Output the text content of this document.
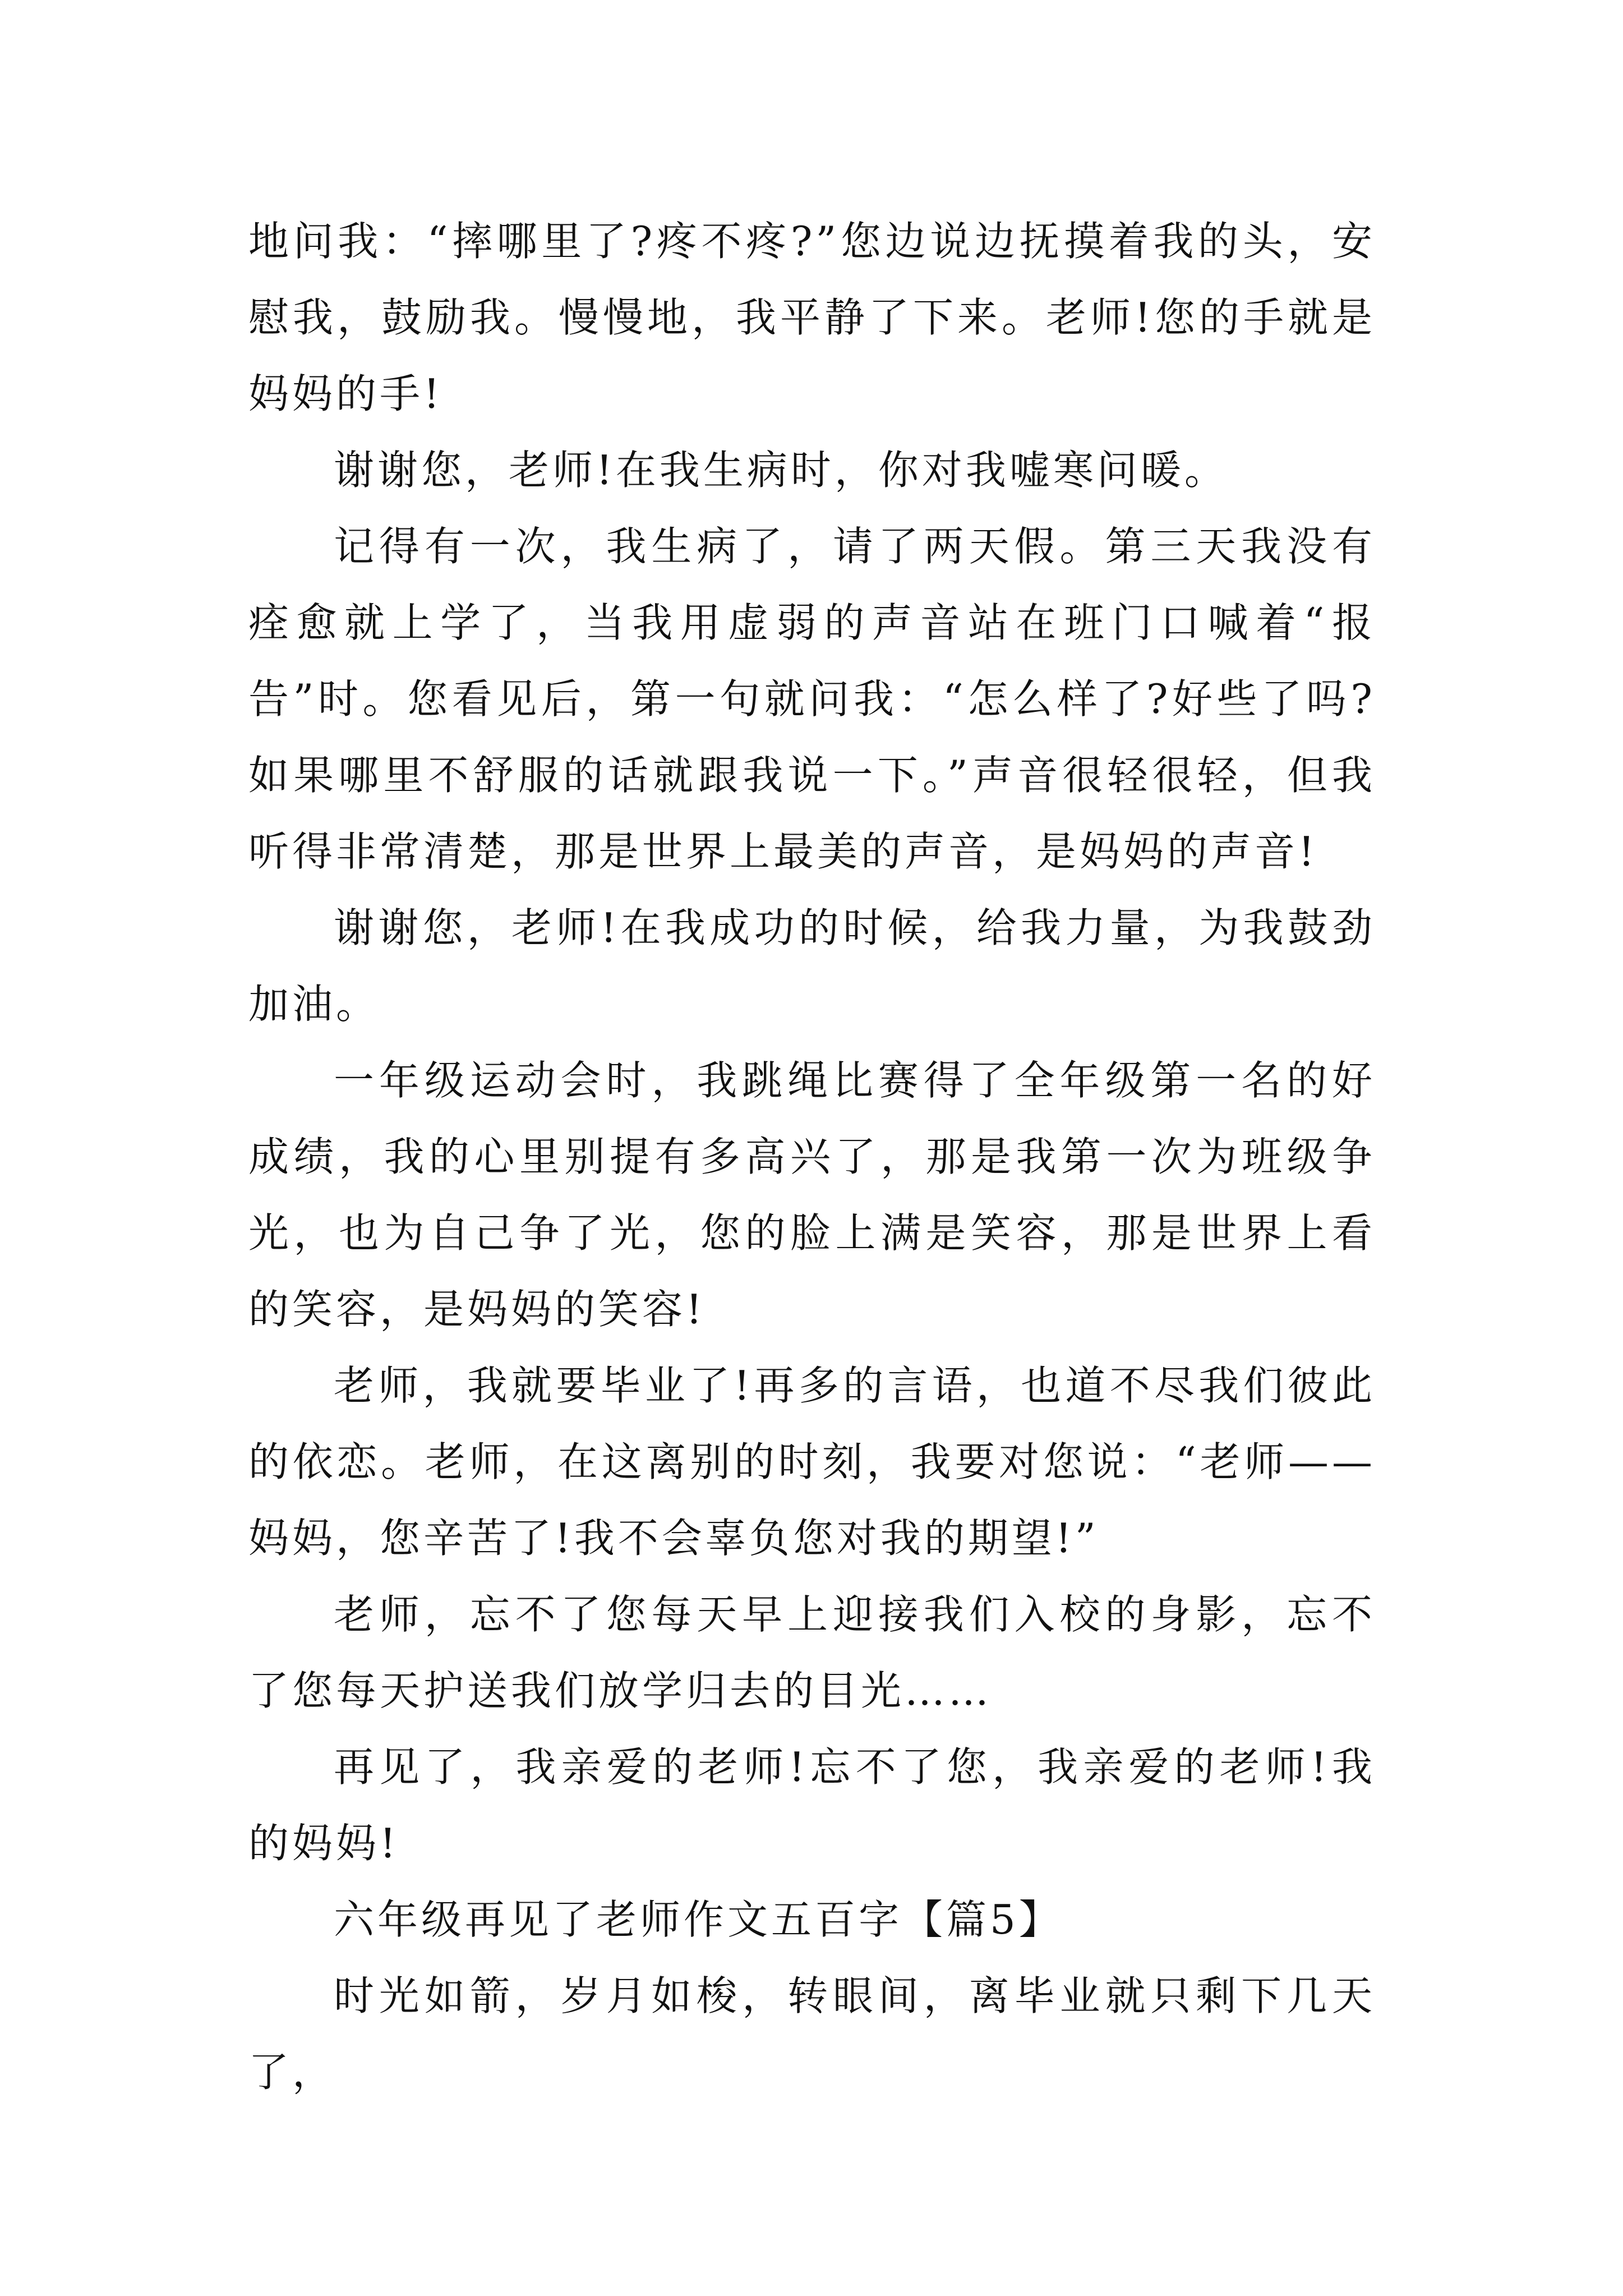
地问我：“摔哪里了?疼不疼?”您边说边抚摸着我的头，安慰我，鼓励我。慢慢地，我平静了下来。老师!您的手就是妈妈的手!

谢谢您，老师!在我生病时，你对我嘘寒问暖。

记得有一次，我生病了，请了两天假。第三天我没有痊愈就上学了，当我用虚弱的声音站在班门口喊着“报告”时。您看见后，第一句就问我：“怎么样了?好些了吗?如果哪里不舒服的话就跟我说一下。”声音很轻很轻，但我听得非常清楚，那是世界上最美的声音，是妈妈的声音!

谢谢您，老师!在我成功的时候，给我力量，为我鼓劲加油。

一年级运动会时，我跳绳比赛得了全年级第一名的好成绩，我的心里别提有多高兴了，那是我第一次为班级争光，也为自己争了光，您的脸上满是笑容，那是世界上看的笑容，是妈妈的笑容!

老师，我就要毕业了!再多的言语，也道不尽我们彼此的依恋。老师，在这离别的时刻，我要对您说：“老师——妈妈，您辛苦了!我不会辜负您对我的期望!”

老师，忘不了您每天早上迎接我们入校的身影，忘不了您每天护送我们放学归去的目光……

再见了，我亲爱的老师!忘不了您，我亲爱的老师!我的妈妈!

六年级再见了老师作文五百字【篇5】

时光如箭，岁月如梭，转眼间，离毕业就只剩下几天了，
